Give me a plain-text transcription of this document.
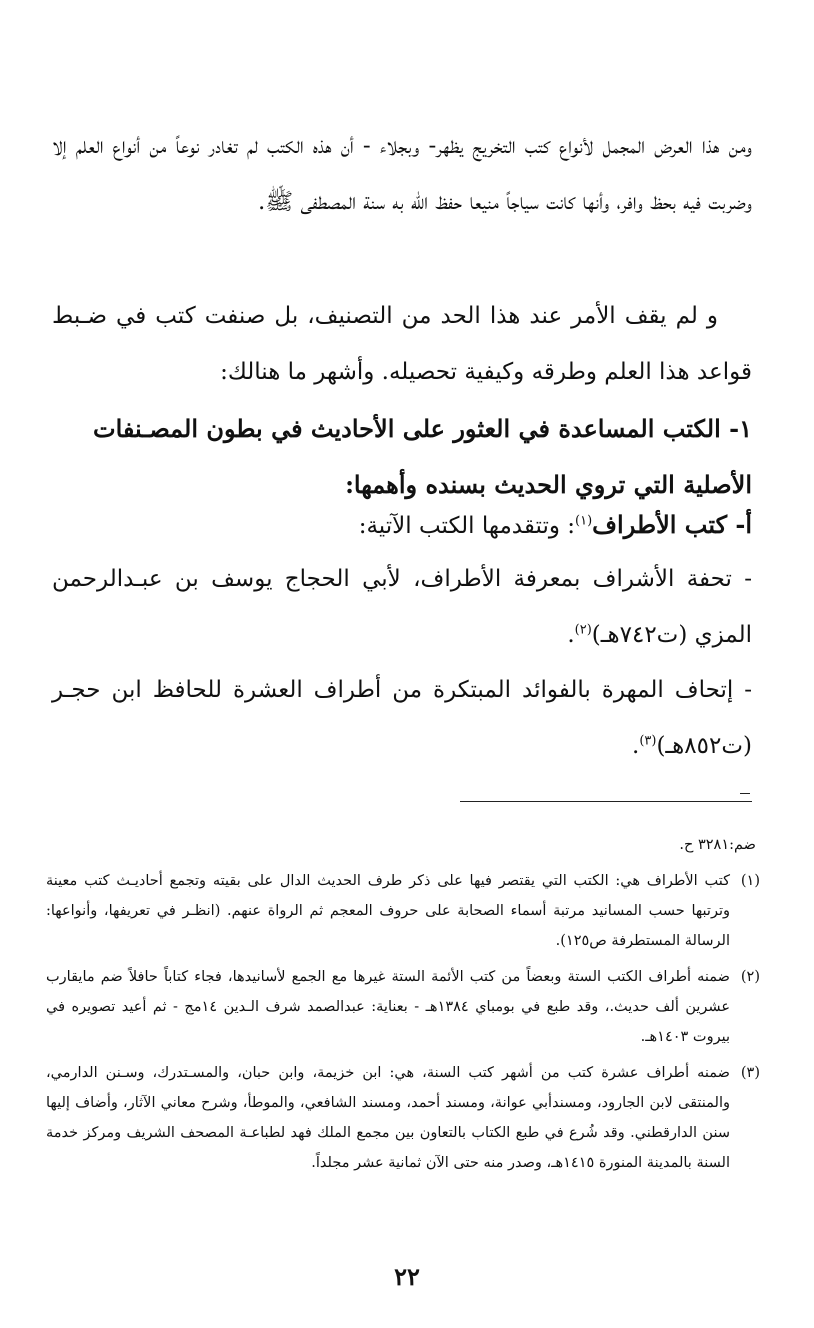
ومن هذا العرض المجمل لأنواع كتب التخريج يظهر- وبجلاء - أن هذه الكتب لم تغادر نوعاً من أنواع العلم إلا وضربت فيه بحظ وافر، وأنها كانت سياجاً منيعا حفظ الله به سنة المصطفى ﷺ.

و لم يقف الأمر عند هذا الحد من التصنيف، بل صنفت كتب في ضـبط قواعد هذا العلم وطرقه وكيفية تحصيله. وأشهر ما هنالك:

١- الكتب المساعدة في العثور على الأحاديث في بطون المصـنفات الأصلية التي تروي الحديث بسنده وأهمها:

أ- كتب الأطراف$^{(١)}$: وتتقدمها الكتب الآتية:

- تحفة الأشراف بمعرفة الأطراف، لأبي الحجاج يوسف بن عبـدالرحمن المزي (ت٧٤٢هـ)$^{(٢)}$.

- إتحاف المهرة بالفوائد المبتكرة من أطراف العشرة للحافظ ابن حجـر (ت٨٥٢هـ)$^{(٣)}$.

ضم:٣٢٨١ ح.

(١)
كتب الأطراف هي: الكتب التي يقتصر فيها على ذكر طرف الحديث الدال على بقيته وتجمع أحاديـث كتب معينة وترتبها حسب المسانيد مرتبة أسماء الصحابة على حروف المعجم ثم الرواة عنهم. (انظـر في تعريفها، وأنواعها: الرسالة المستطرفة ص١٢٥).

(٢)
ضمنه أطراف الكتب الستة وبعضاً من كتب الأئمة الستة غيرها مع الجمع لأسانيدها، فجاء كتاباً حافلاً ضم مايقارب عشرين ألف حديث.، وقد طبع في بومباي ١٣٨٤هـ - بعناية: عبدالصمد شرف الـدين ١٤مج - ثم أعيد تصويره في بيروت ١٤٠٣هـ.

(٣)
ضمنه أطراف عشرة كتب من أشهر كتب السنة، هي: ابن خزيمة، وابن حبان، والمسـتدرك، وسـنن الدارمي، والمنتقى لابن الجارود، ومسندأبي عوانة، ومسند أحمد، ومسند الشافعي، والموطأ، وشرح معاني الآثار، وأضاف إليها سنن الدارقطني. وقد شُرع في طبع الكتاب بالتعاون بين مجمع الملك فهد لطباعـة المصحف الشريف ومركز خدمة السنة بالمدينة المنورة ١٤١٥هـ، وصدر منه حتى الآن ثمانية عشر مجلداً.

٢٢
